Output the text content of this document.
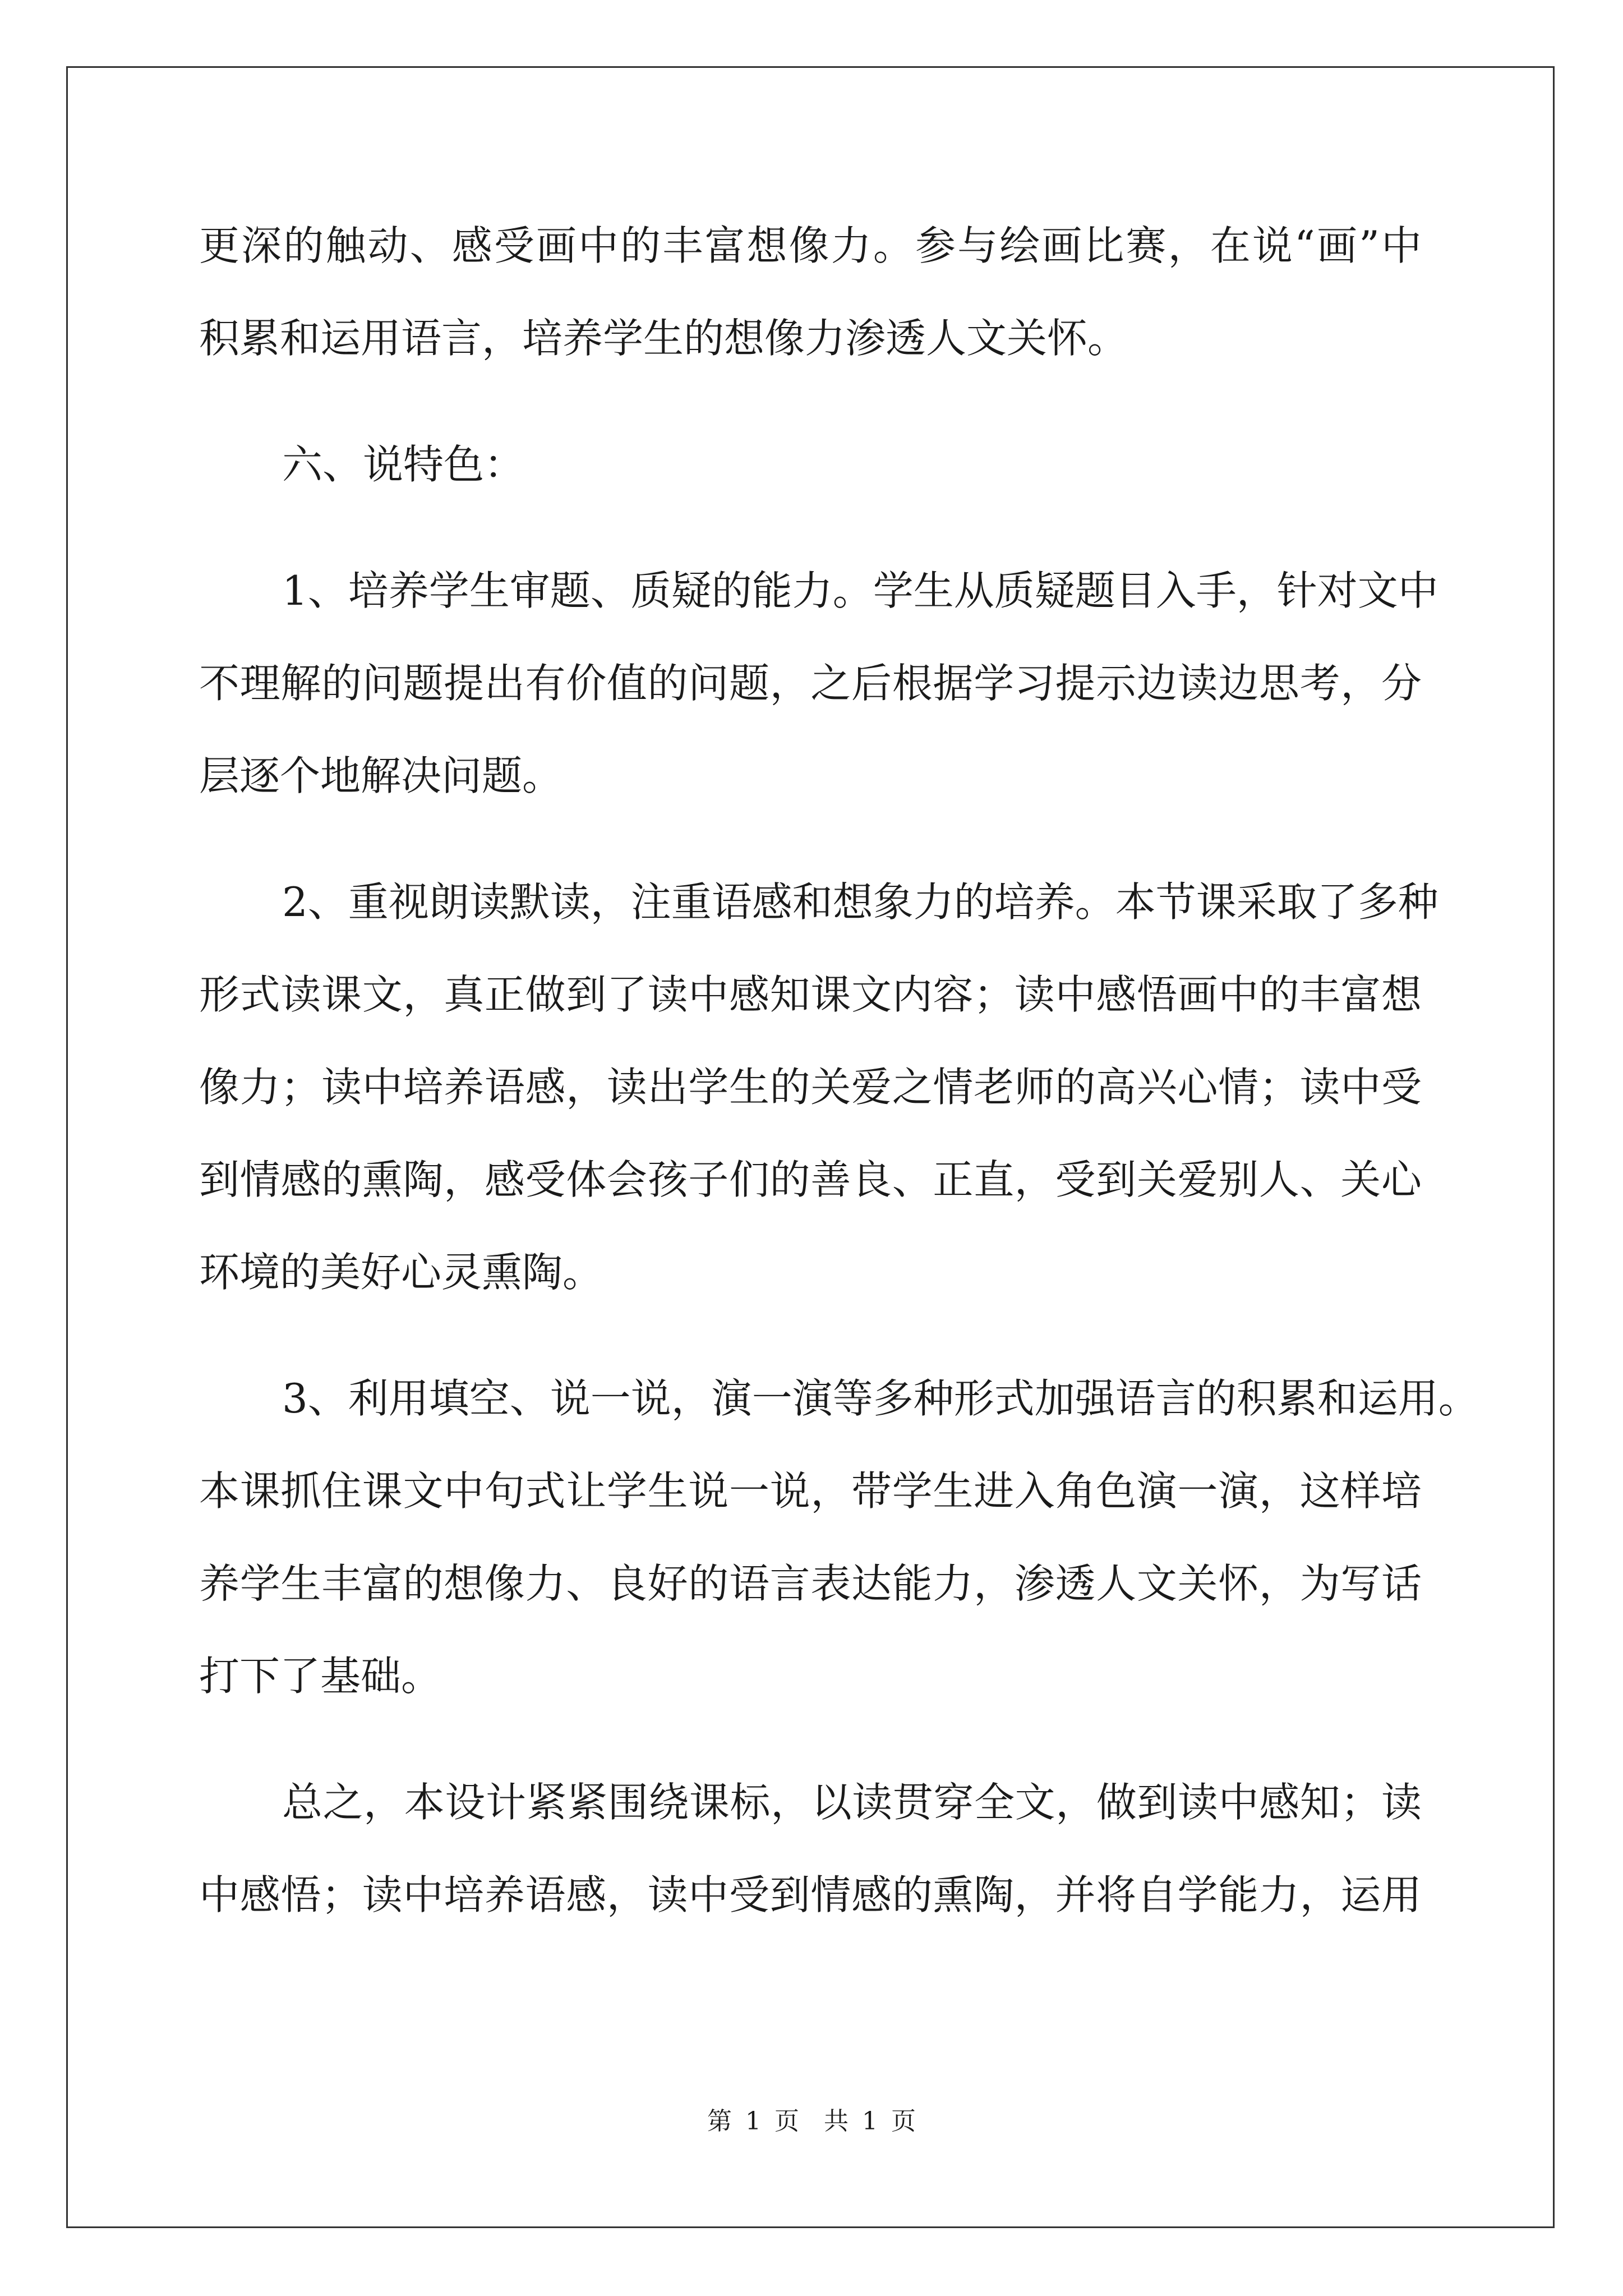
更深的触动、感受画中的丰富想像力。参与绘画比赛，在说“画”中
积累和运用语言，培养学生的想像力渗透人文关怀。
六、说特色：
1、培养学生审题、质疑的能力。学生从质疑题目入手，针对文中
不理解的问题提出有价值的问题，之后根据学习提示边读边思考，分
层逐个地解决问题。
2、重视朗读默读，注重语感和想象力的培养。本节课采取了多种
形式读课文，真正做到了读中感知课文内容；读中感悟画中的丰富想
像力；读中培养语感，读出学生的关爱之情老师的高兴心情；读中受
到情感的熏陶，感受体会孩子们的善良、正直，受到关爱别人、关心
环境的美好心灵熏陶。
3、利用填空、说一说，演一演等多种形式加强语言的积累和运用。
本课抓住课文中句式让学生说一说，带学生进入角色演一演，这样培
养学生丰富的想像力、良好的语言表达能力，渗透人文关怀，为写话
打下了基础。
总之，本设计紧紧围绕课标，以读贯穿全文，做到读中感知；读
中感悟；读中培养语感，读中受到情感的熏陶，并将自学能力，运用
第 1 页　共 1 页
